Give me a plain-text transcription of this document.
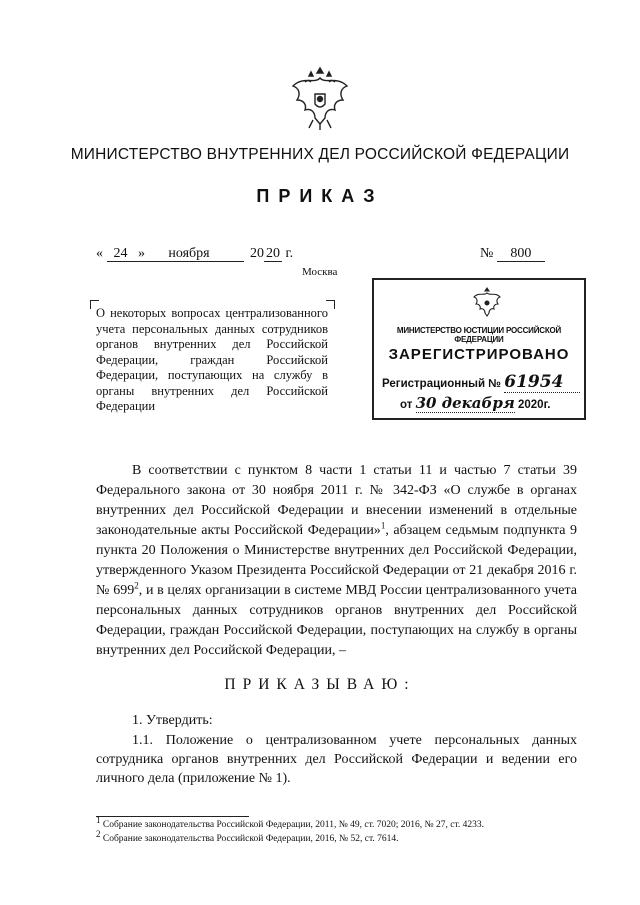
МИНИСТЕРСТВО ВНУТРЕННИХ ДЕЛ РОССИЙСКОЙ ФЕДЕРАЦИИ
ПРИКАЗ
« 24 »	ноября	20 20 г.	№ 800
Москва
О некоторых вопросах централизованного учета персональных данных сотрудников органов внутренних дел Российской Федерации, граждан Российской Федерации, поступающих на службу в органы внутренних дел Российской Федерации
МИНИСТЕРСТВО ЮСТИЦИИ РОССИЙСКОЙ ФЕДЕРАЦИИ
ЗАРЕГИСТРИРОВАНО
Регистрационный № 61954
от 30 декабря 2020г.

В соответствии с пунктом 8 части 1 статьи 11 и частью 7 статьи 39 Федерального закона от 30 ноября 2011 г. № 342-ФЗ «О службе в органах внутренних дел Российской Федерации и внесении изменений в отдельные законодательные акты Российской Федерации»$^1$, абзацем седьмым подпункта 9 пункта 20 Положения о Министерстве внутренних дел Российской Федерации, утвержденного Указом Президента Российской Федерации от 21 декабря 2016 г. № $699^2$, и в целях организации в системе МВД России централизованного учета персональных данных сотрудников органов внутренних дел Российской Федерации, граждан Российской Федерации, поступающих на службу в органы внутренних дел Российской Федерации, –

ПРИКАЗЫВАЮ:
1. Утвердить:

1.1. Положение о централизованном учете персональных данных сотрудника органов внутренних дел Российской Федерации и ведении его личного дела (приложение № 1).

$^1$ Собрание законодательства Российской Федерации, 2011, № 49, ст. 7020; 2016, № 27, ст. 4233.
$^2$ Собрание законодательства Российской Федерации, 2016, № 52, ст. 7614.
